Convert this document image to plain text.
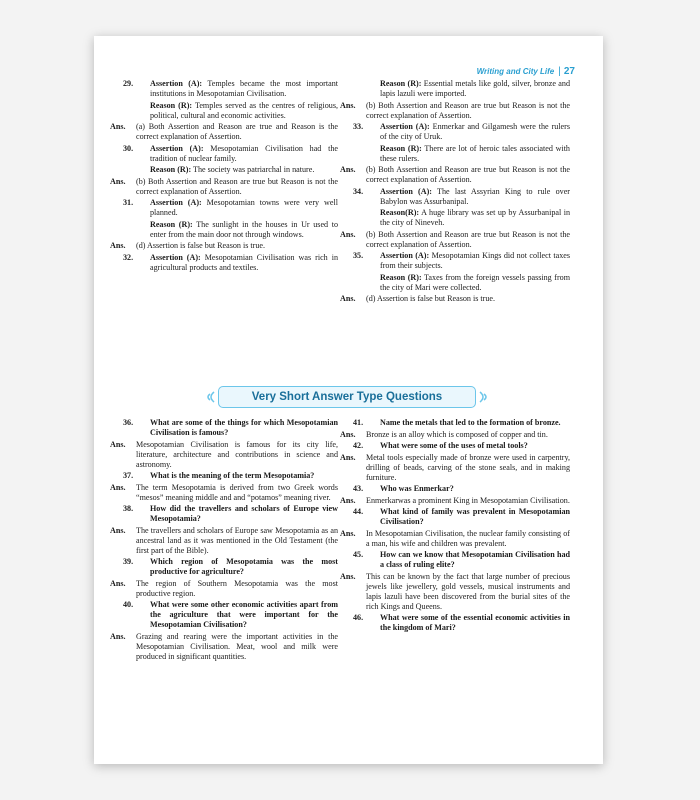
Writing and City Life | 27

29. Assertion (A): Temples became the most important institutions in Mesopotamian Civilisation.

Reason (R): Temples served as the centres of religious, political, cultural and economic activities.

Ans. (a) Both Assertion and Reason are true and Reason is the correct explanation of Assertion.

30. Assertion (A): Mesopotamian Civilisation had the tradition of nuclear family.

Reason (R): The society was patriarchal in nature.

Ans. (b) Both Assertion and Reason are true but Reason is not the correct explanation of Assertion.

31. Assertion (A): Mesopotamian towns were very well planned.

Reason (R): The sunlight in the houses in Ur used to enter from the main door not through windows.

Ans. (d) Assertion is false but Reason is true.

32. Assertion (A): Mesopotamian Civilisation was rich in agricultural products and textiles.

Reason (R): Essential metals like gold, silver, bronze and lapis lazuli were imported.

Ans. (b) Both Assertion and Reason are true but Reason is not the correct explanation of Assertion.

33. Assertion (A): Enmerkar and Gilgamesh were the rulers of the city of Uruk.

Reason (R): There are lot of heroic tales associated with these rulers.

Ans. (b) Both Assertion and Reason are true but Reason is not the correct explanation of Assertion.

34. Assertion (A): The last Assyrian King to rule over Babylon was Assurbanipal.

Reason(R): A huge library was set up by Assurbanipal in the city of Nineveh.

Ans. (b) Both Assertion and Reason are true but Reason is not the correct explanation of Assertion.

35. Assertion (A): Mesopotamian Kings did not collect taxes from their subjects.

Reason (R): Taxes from the foreign vessels passing from the city of Mari were collected.

Ans. (d) Assertion is false but Reason is true.

Very Short Answer Type Questions

36. What are some of the things for which Mesopotamian Civilisation is famous?

Ans. Mesopotamian Civilisation is famous for its city life, literature, architecture and contributions in science and astronomy.

37. What is the meaning of the term Mesopotamia?

Ans. The term Mesopotamia is derived from two Greek words “mesos” meaning middle and and “potamos” meaning river.

38. How did the travellers and scholars of Europe view Mesopotamia?

Ans. The travellers and scholars of Europe saw Mesopotamia as an ancestral land as it was mentioned in the Old Testament (the first part of the Bible).

39. Which region of Mesopotamia was the most productive for agriculture?

Ans. The region of Southern Mesopotamia was the most productive region.

40. What were some other economic activities apart from the agriculture that were important for the Mesopotamian Civilisation?

Ans. Grazing and rearing were the important activities in the Mesopotamian Civilisation. Meat, wool and milk were produced in significant quantities.

41. Name the metals that led to the formation of bronze.

Ans. Bronze is an alloy which is composed of copper and tin.

42. What were some of the uses of metal tools?

Ans. Metal tools especially made of bronze were used in carpentry, drilling of beads, carving of the stone seals, and in making furniture.

43. Who was Enmerkar?

Ans. Enmerkarwas a prominent King in Mesopotamian Civilisation.

44. What kind of family was prevalent in Mesopotamian Civilisation?

Ans. In Mesopotamian Civilisation, the nuclear family consisting of a man, his wife and children was prevalent.

45. How can we know that Mesopotamian Civilisation had a class of ruling elite?

Ans. This can be known by the fact that large number of precious jewels like jewellery, gold vessels, musical instruments and lapis lazuli have been discovered from the burial sites of the rich Kings and Queens.

46. What were some of the essential economic activities in the kingdom of Mari?
